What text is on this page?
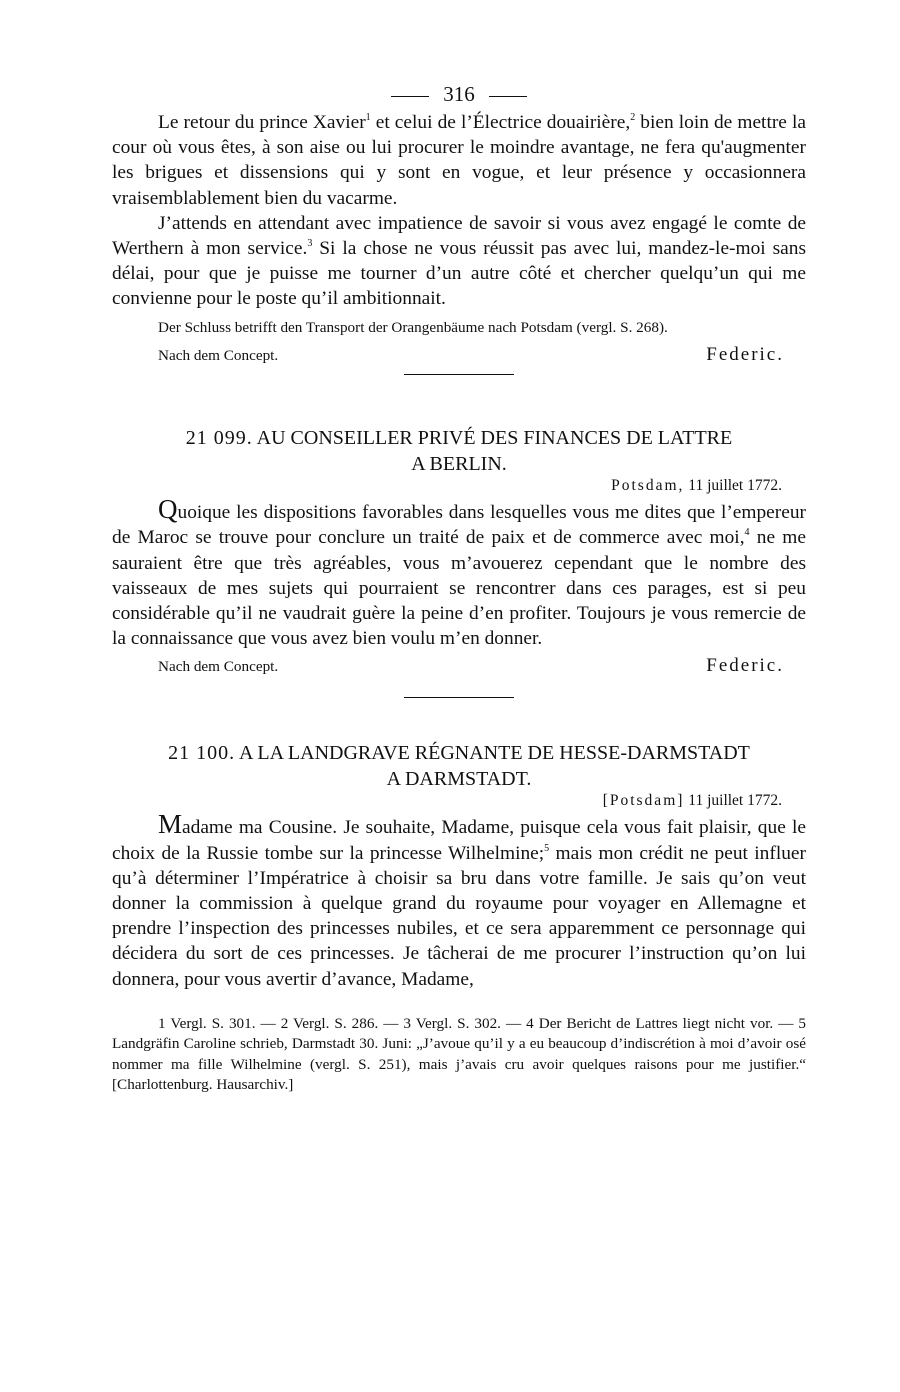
316

Le retour du prince Xavier$^1$ et celui de l’Électrice douairière,$^2$ bien loin de mettre la cour où vous êtes, à son aise ou lui procurer le moindre avantage, ne fera qu'augmenter les brigues et dissensions qui y sont en vogue, et leur présence y occasionnera vraisemblablement bien du vacarme.

J’attends en attendant avec impatience de savoir si vous avez engagé le comte de Werthern à mon service.$^3$ Si la chose ne vous réussit pas avec lui, mandez-le-moi sans délai, pour que je puisse me tourner d’un autre côté et chercher quelqu’un qui me convienne pour le poste qu’il ambitionnait.

Der Schluss betrifft den Transport der Orangenbäume nach Potsdam (vergl. S. 268).

Nach dem Concept.	Federic.
21 099. AU CONSEILLER PRIVÉ DES FINANCES DE LATTRE
A BERLIN.
Potsdam, 11 juillet 1772.

Quoique les dispositions favorables dans lesquelles vous me dites que l’empereur de Maroc se trouve pour conclure un traité de paix et de commerce avec moi,$^4$ ne me sauraient être que très agréables, vous m’avouerez cependant que le nombre des vaisseaux de mes sujets qui pourraient se rencontrer dans ces parages, est si peu considérable qu’il ne vaudrait guère la peine d’en profiter. Toujours je vous remercie de la connaissance que vous avez bien voulu m’en donner.

Nach dem Concept.	Federic.
21 100. A LA LANDGRAVE RÉGNANTE DE HESSE-DARMSTADT
A DARMSTADT.
[Potsdam] 11 juillet 1772.

Madame ma Cousine. Je souhaite, Madame, puisque cela vous fait plaisir, que le choix de la Russie tombe sur la princesse Wilhelmine;$^5$ mais mon crédit ne peut influer qu’à déterminer l’Impératrice à choisir sa bru dans votre famille. Je sais qu’on veut donner la commission à quelque grand du royaume pour voyager en Allemagne et prendre l’inspection des princesses nubiles, et ce sera apparemment ce personnage qui décidera du sort de ces princesses. Je tâcherai de me procurer l’instruction qu’on lui donnera, pour vous avertir d’avance, Madame,

1 Vergl. S. 301. — 2 Vergl. S. 286. — 3 Vergl. S. 302. — 4 Der Bericht de Lattres liegt nicht vor. — 5 Landgräfin Caroline schrieb, Darmstadt 30. Juni: „J’avoue qu’il y a eu beaucoup d’indiscrétion à moi d’avoir osé nommer ma fille Wilhelmine (vergl. S. 251), mais j’avais cru avoir quelques raisons pour me justifier.“ [Charlottenburg. Hausarchiv.]
